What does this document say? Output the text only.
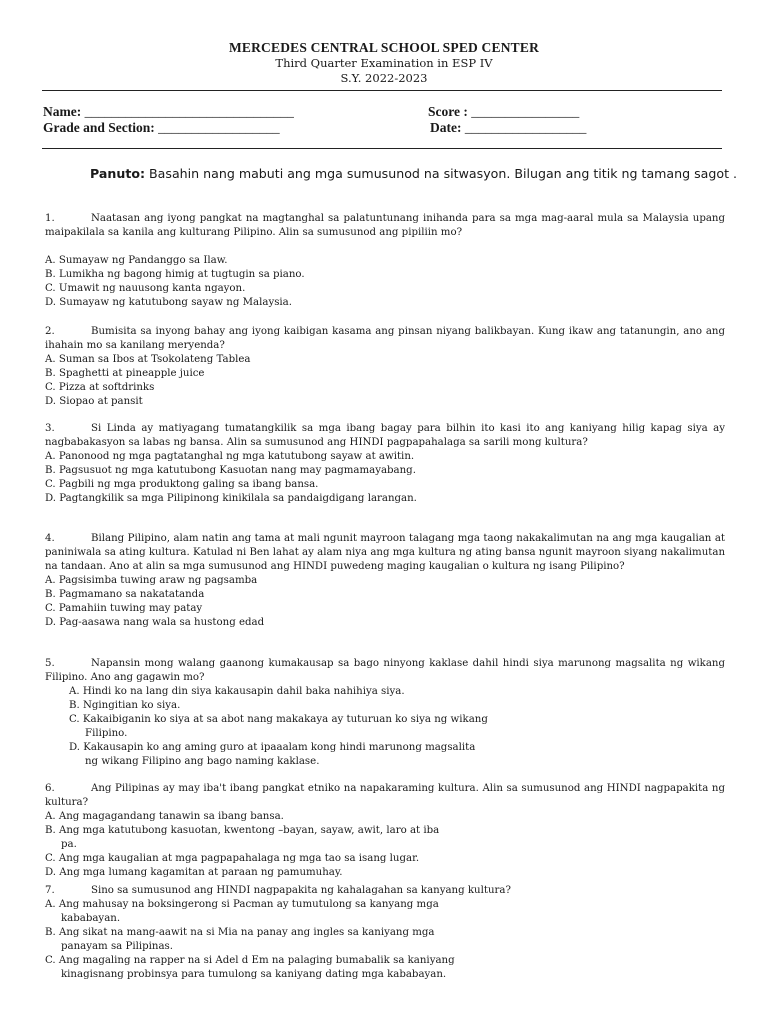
MERCEDES CENTRAL SCHOOL SPED CENTER
Third Quarter Examination in ESP IV
S.Y. 2022-2023
Name: _______________________________	Score : ________________
Grade and Section: __________________	Date: __________________
Panuto: Basahin nang mabuti ang mga sumusunod na sitwasyon. Bilugan ang titik ng tamang sagot .

1.	Naatasan ang iyong pangkat na magtanghal sa palatuntunang inihanda para sa mga mag-aaral mula sa Malaysia upang maipakilala sa kanila ang kulturang Pilipino. Alin sa sumusunod ang pipiliin mo?

A. Sumayaw ng Pandanggo sa Ilaw.

B. Lumikha ng bagong himig at tugtugin sa piano.

C. Umawit ng nauusong kanta ngayon.

D. Sumayaw ng katutubong sayaw ng Malaysia.

2.	Bumisita sa inyong bahay ang iyong kaibigan kasama ang pinsan niyang balikbayan. Kung ikaw ang tatanungin, ano ang ihahain mo sa kanilang meryenda?

A. Suman sa Ibos at Tsokolateng Tablea

B. Spaghetti at pineapple juice

C. Pizza at softdrinks

D. Siopao at pansit

3.	Si Linda ay matiyagang tumatangkilik sa mga ibang bagay para bilhin ito kasi ito ang kaniyang hilig kapag siya ay nagbabakasyon sa labas ng bansa. Alin sa sumusunod ang HINDI pagpapahalaga sa sarili mong kultura?

A. Panonood ng mga pagtatanghal ng mga katutubong sayaw at awitin.

B. Pagsusuot ng mga katutubong Kasuotan nang may pagmamayabang.

C. Pagbili ng mga produktong galing sa ibang bansa.

D. Pagtangkilik sa mga Pilipinong kinikilala sa pandaigdigang larangan.

4.	Bilang Pilipino, alam natin ang tama at mali ngunit mayroon talagang mga taong nakakalimutan na ang mga kaugalian at paniniwala sa ating kultura. Katulad ni Ben lahat ay alam niya ang mga kultura ng ating bansa ngunit mayroon siyang nakalimutan na tandaan. Ano at alin sa mga sumusunod ang HINDI puwedeng maging kaugalian o kultura ng isang Pilipino?

A. Pagsisimba tuwing araw ng pagsamba

B. Pagmamano sa nakatatanda

C. Pamahiin tuwing may patay

D. Pag-aasawa nang wala sa hustong edad

5.	Napansin mong walang gaanong kumakausap sa bago ninyong kaklase dahil hindi siya marunong magsalita ng wikang Filipino. Ano ang gagawin mo?

A. Hindi ko na lang din siya kakausapin dahil baka nahihiya siya.

B. Ngingitian ko siya.

C. Kakaibiganin ko siya at sa abot nang makakaya ay tuturuan ko siya ng wikang

Filipino.

D. Kakausapin ko ang aming guro at ipaaalam kong hindi marunong magsalita

ng wikang Filipino ang bago naming kaklase.

6.	Ang Pilipinas ay may iba't ibang pangkat etniko na napakaraming kultura. Alin sa sumusunod ang HINDI nagpapakita ng kultura?

A. Ang magagandang tanawin sa ibang bansa.

B. Ang mga katutubong kasuotan, kwentong –bayan, sayaw, awit, laro at iba

pa.

C. Ang mga kaugalian at mga pagpapahalaga ng mga tao sa isang lugar.

D. Ang mga lumang kagamitan at paraan ng pamumuhay.

7.	Sino sa sumusunod ang HINDI nagpapakita ng kahalagahan sa kanyang kultura?

A. Ang mahusay na boksingerong si Pacman ay tumutulong sa kanyang mga

kababayan.

B. Ang sikat na mang-aawit na si Mia na panay ang ingles sa kaniyang mga

panayam sa Pilipinas.

C. Ang magaling na rapper na si Adel d Em na palaging bumabalik sa kaniyang

kinagisnang probinsya para tumulong sa kaniyang dating mga kababayan.
